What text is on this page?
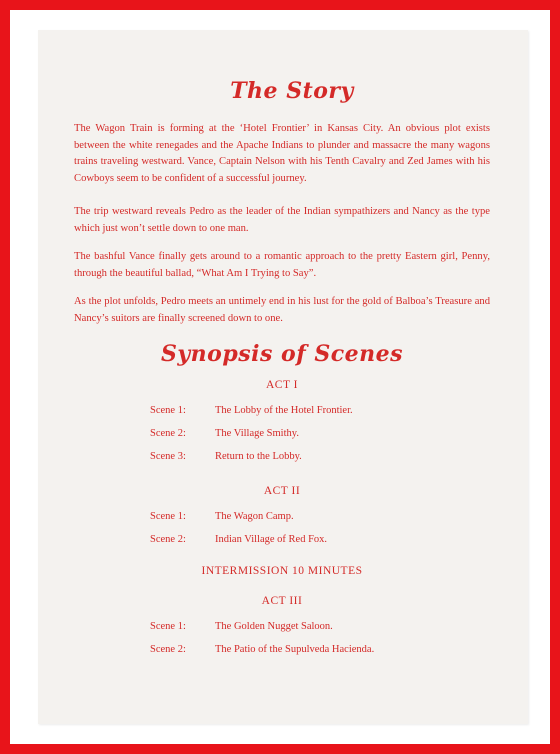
The Story

The Wagon Train is forming at the ‘Hotel Frontier’ in Kansas City. An obvious plot exists between the white renegades and the Apache Indians to plunder and massacre the many wagons trains traveling westward. Vance, Captain Nelson with his Tenth Cavalry and Zed James with his Cowboys seem to be confident of a successful journey.

The trip westward reveals Pedro as the leader of the Indian sympathizers and Nancy as the type which just won’t settle down to one man.

The bashful Vance finally gets around to a romantic approach to the pretty Eastern girl, Penny, through the beautiful ballad, “What Am I Trying to Say”.

As the plot unfolds, Pedro meets an untimely end in his lust for the gold of Balboa’s Treasure and Nancy’s suitors are finally screened down to one.

Synopsis of Scenes
ACT I
Scene 1:	The Lobby of the Hotel Frontier.
Scene 2:	The Village Smithy.
Scene 3:	Return to the Lobby.
ACT II
Scene 1:	The Wagon Camp.
Scene 2:	Indian Village of Red Fox.
INTERMISSION 10 MINUTES
ACT III
Scene 1:	The Golden Nugget Saloon.
Scene 2:	The Patio of the Supulveda Hacienda.
